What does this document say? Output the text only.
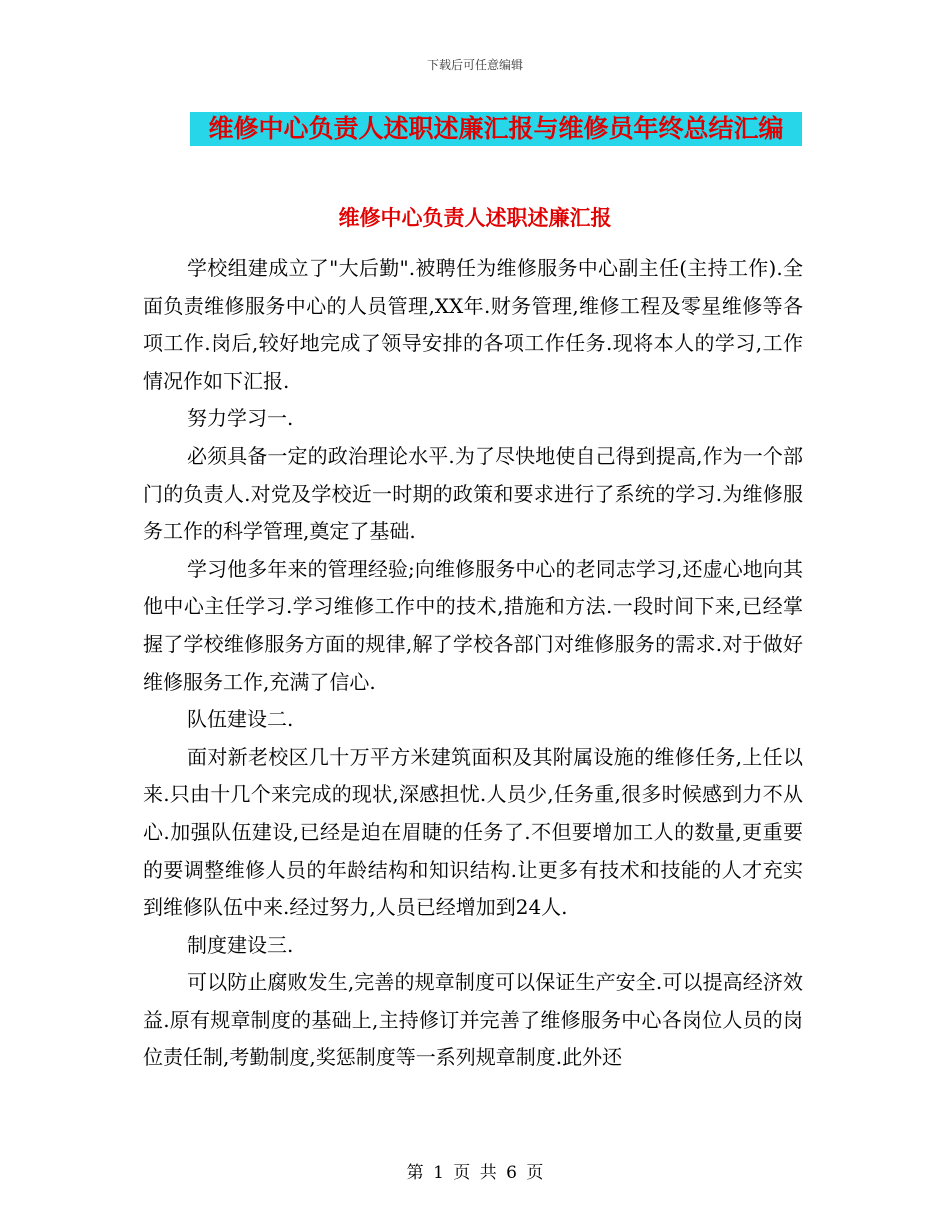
下载后可任意编辑
维修中心负责人述职述廉汇报与维修员年终总结汇编
维修中心负责人述职述廉汇报

学校组建成立了"大后勤".被聘任为维修服务中心副主任(主持工作).全面负责维修服务中心的人员管理,XX年.财务管理,维修工程及零星维修等各项工作.岗后,较好地完成了领导安排的各项工作任务.现将本人的学习,工作情况作如下汇报.

努力学习一.

必须具备一定的政治理论水平.为了尽快地使自己得到提高,作为一个部门的负责人.对党及学校近一时期的政策和要求进行了系统的学习.为维修服务工作的科学管理,奠定了基础.

学习他多年来的管理经验;向维修服务中心的老同志学习,还虚心地向其他中心主任学习.学习维修工作中的技术,措施和方法.一段时间下来,已经掌握了学校维修服务方面的规律,解了学校各部门对维修服务的需求.对于做好维修服务工作,充满了信心.

队伍建设二.

面对新老校区几十万平方米建筑面积及其附属设施的维修任务,上任以来.只由十几个来完成的现状,深感担忧.人员少,任务重,很多时候感到力不从心.加强队伍建设,已经是迫在眉睫的任务了.不但要增加工人的数量,更重要的要调整维修人员的年龄结构和知识结构.让更多有技术和技能的人才充实到维修队伍中来.经过努力,人员已经增加到24人.

制度建设三.

可以防止腐败发生,完善的规章制度可以保证生产安全.可以提高经济效益.原有规章制度的基础上,主持修订并完善了维修服务中心各岗位人员的岗位责任制,考勤制度,奖惩制度等一系列规章制度.此外还

第 1 页 共 6 页
